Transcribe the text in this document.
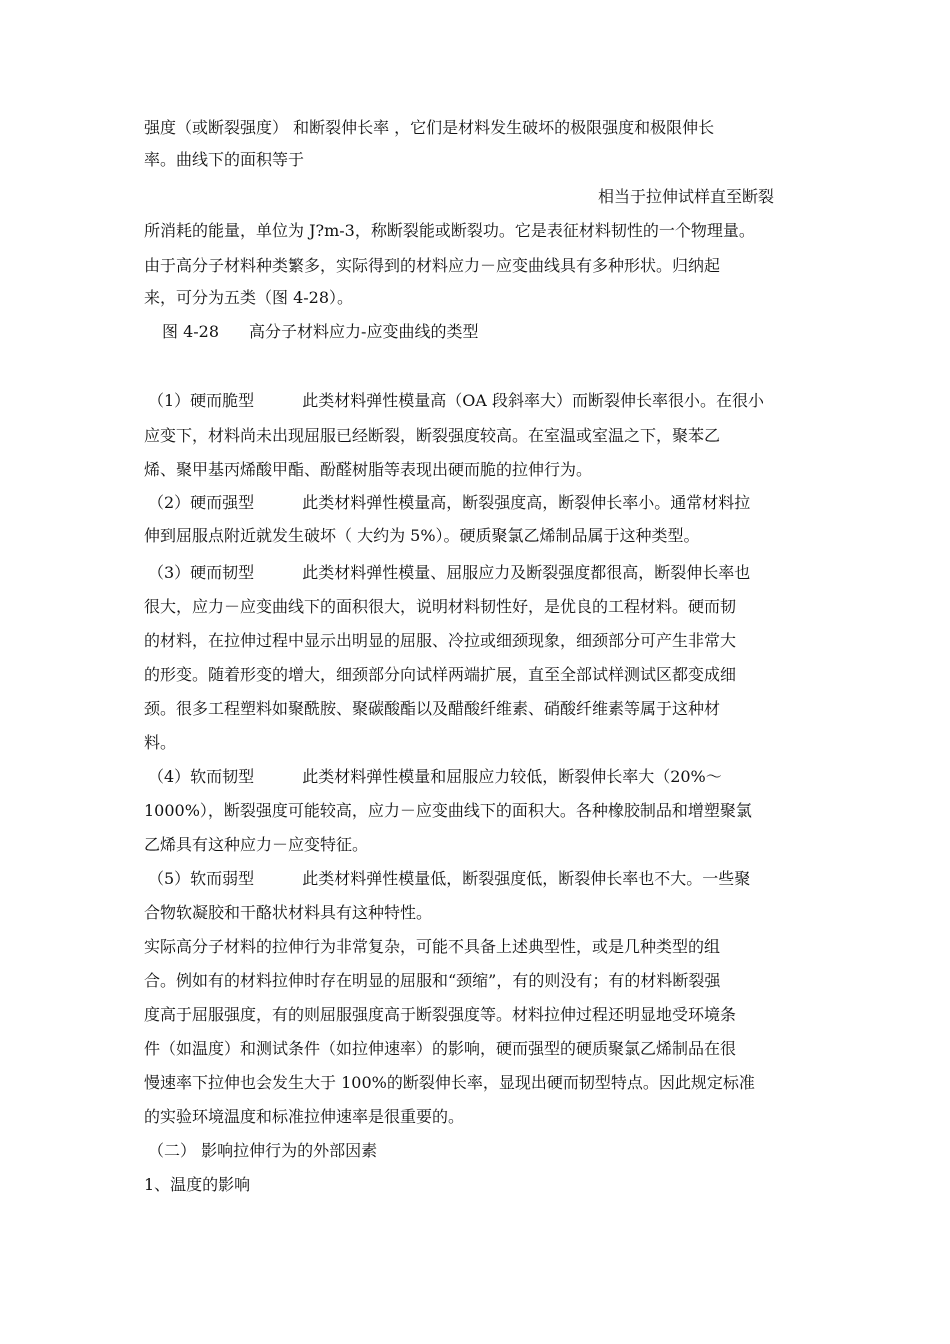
强度（或断裂强度） 和断裂伸长率 ，它们是材料发生破坏的极限强度和极限伸长

率。曲线下的面积等于

相当于拉伸试样直至断裂

所消耗的能量，单位为 J?m-3，称断裂能或断裂功。它是表征材料韧性的一个物理量。

由于高分子材料种类繁多，实际得到的材料应力－应变曲线具有多种形状。归纳起

来，可分为五类（图 4-28）。

图 4-28 高分子材料应力-应变曲线的类型

（1）硬而脆型	此类材料弹性模量高（OA 段斜率大）而断裂伸长率很小。在很小

应变下，材料尚未出现屈服已经断裂，断裂强度较高。在室温或室温之下，聚苯乙

烯、聚甲基丙烯酸甲酯、酚醛树脂等表现出硬而脆的拉伸行为。

（2）硬而强型	此类材料弹性模量高，断裂强度高，断裂伸长率小。通常材料拉

伸到屈服点附近就发生破坏（ 大约为 5%）。硬质聚氯乙烯制品属于这种类型。

（3）硬而韧型	此类材料弹性模量、屈服应力及断裂强度都很高，断裂伸长率也

很大，应力－应变曲线下的面积很大，说明材料韧性好，是优良的工程材料。硬而韧

的材料，在拉伸过程中显示出明显的屈服、冷拉或细颈现象，细颈部分可产生非常大

的形变。随着形变的增大，细颈部分向试样两端扩展，直至全部试样测试区都变成细

颈。很多工程塑料如聚酰胺、聚碳酸酯以及醋酸纤维素、硝酸纤维素等属于这种材

料。

（4）软而韧型	此类材料弹性模量和屈服应力较低，断裂伸长率大（20%～

1000%），断裂强度可能较高，应力－应变曲线下的面积大。各种橡胶制品和增塑聚氯

乙烯具有这种应力－应变特征。

（5）软而弱型	此类材料弹性模量低，断裂强度低，断裂伸长率也不大。一些聚

合物软凝胶和干酪状材料具有这种特性。

实际高分子材料的拉伸行为非常复杂，可能不具备上述典型性，或是几种类型的组

合。例如有的材料拉伸时存在明显的屈服和“颈缩”，有的则没有；有的材料断裂强

度高于屈服强度，有的则屈服强度高于断裂强度等。材料拉伸过程还明显地受环境条

件（如温度）和测试条件（如拉伸速率）的影响，硬而强型的硬质聚氯乙烯制品在很

慢速率下拉伸也会发生大于 100%的断裂伸长率，显现出硬而韧型特点。因此规定标准

的实验环境温度和标准拉伸速率是很重要的。

（二） 影响拉伸行为的外部因素

1、温度的影响
